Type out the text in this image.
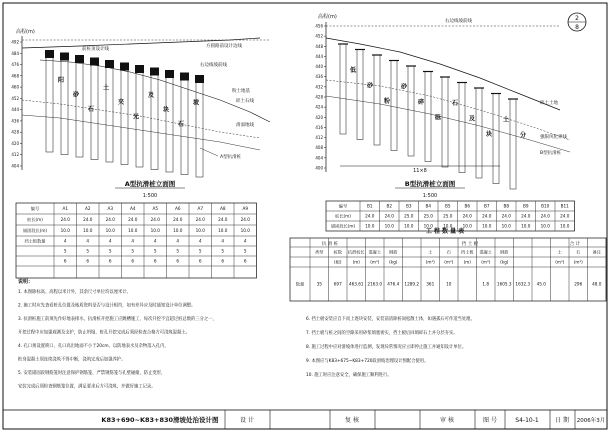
2
8
高程(m)
492
484
476
468
460
452
444
436
428
420
412
404
阳
砂
石
土
夹
光
及
块
石
坡
方圆路前设计边线
右边线坡前线
前桩顶设计线
粉土地基
碎土石线
滑面地线
A型抗滑桩
A型抗滑桩立面图
1:500
高程(m)
456
452
448
444
440
436
432
428
424
420
416
412
408
404
400
低
砂
粉
砂
碎
砾
石
及
块
土
分
右边线坡前线
碎土土地
强限风化界线
B型抗滑桩
11×8
B型抗滑桩立面图
1:500
编号	A1	A2	A3	A4	A5	A6	A7	A8	A9
桩长(m)	24.0	24.0	24.0	24.0	24.0	24.0	24.0	24.0	24.0
锚固段长(m)	10.0	10.0	10.0	10.0	10.0	10.0	10.0	10.0	10.0
挡土板数量	4	4	4	4	4	4	4	4	4
5	5	5	5	5	5	5	5	5
6	6	6	6	6	6	6	6	6
编号	B1	B2	B3	B4	B5	B6	B7	B8	B9	B10	B11
桩长(m)	24.0 24.0 25.0 25.0 25.0 24.0 24.0 24.0 24.0 24.0 24.0
锚固段长(m) 10.0 10.0 10.0 10.0 10.0 10.0 10.0 10.0 10.0 10.0 10.0
工 程 数 量 表
抗 滑 桩	挡 土 板	合 计
类型 桩数 抗滑桩长 混凝土 钢筋	土	石 挡土板 混凝土 钢筋	土	石	备注
(根)	(m) (m³) (kg)	(m³) (m³) (m) (m³) (kg)	(m³) (m³)
数量	35	697 463.61 2163.0 476.4 1289.2 361	10	1.8 1605.3 1632.3 45.0	296 48.0
说明：
1. 本图除标高、高程以米计外，其余尺寸单位均以厘米计。
2. 施工时应先查看桩孔位置及地质资料是否与设计相符，如有差异应及时通知设计单位调整。
3. 抗滑桩施工前须先作好地表排水，抗滑桩开挖施工应跳槽施工，每次开挖不宜超过桩总数的三分之一，
开挖过程中应加强观测及支护，防止坍塌，桩孔开挖完成后须经检查合格方可浇筑混凝土。
4. 孔口须设置锁口，孔口高出地面不小于20cm，以防地表水及杂物落入孔内，
桩身混凝土须连续浇筑不得中断，浇筑完成后加强养护。
5. 安装锚固段钢筋笼时注意保护钢筋笼，严禁钢筋笼与孔壁碰撞，防止变形，
安装完成后须检查钢筋笼位置，满足要求后方可浇筑，并做好施工记录。
6. 挡土板安装应自下而上逐块安装，安装前清除桩间松散土体，如遇孤石可作适当处理。
7. 挡土板与桩之间的空隙采用砂浆填塞密实，挡土板后回填碎石土并分层夯实。
8. 施工过程中应对滑坡体进行监测，发现异常情况应立即停止施工并通知设计单位。
9. 本图应与K83+675~K83+720段滑坡治理设计图配合使用。
10. 施工时应注意安全，确保施工顺利进行。
K83+690~K83+830滑坡处治设计图	设 计	复 核	审 核	图 号	S4-10-1	日 期 2006年3月
